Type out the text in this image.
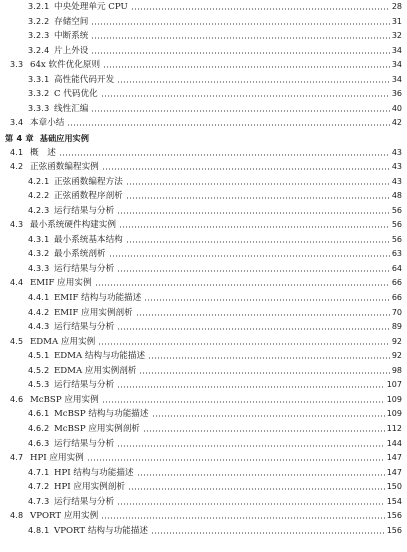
3.2.1 中央处理单元 CPU	28
3.2.2 存储空间	31
3.2.3 中断系统	32
3.2.4 片上外设	34
3.3 64x 软件优化原则	34
3.3.1 高性能代码开发	34
3.3.2 C 代码优化	36
3.3.3 线性汇编	40
3.4 本章小结	42
第 4 章 基础应用实例
4.1 概　述	43
4.2 正弦函数编程实例	43
4.2.1 正弦函数编程方法	43
4.2.2 正弦函数程序剖析	48
4.2.3 运行结果与分析	56
4.3 最小系统硬件构建实例	56
4.3.1 最小系统基本结构	56
4.3.2 最小系统剖析	63
4.3.3 运行结果与分析	64
4.4 EMIF 应用实例	66
4.4.1 EMIF 结构与功能描述	66
4.4.2 EMIF 应用实例剖析	70
4.4.3 运行结果与分析	89
4.5 EDMA 应用实例	92
4.5.1 EDMA 结构与功能描述	92
4.5.2 EDMA 应用实例剖析	98
4.5.3 运行结果与分析	107
4.6 McBSP 应用实例	109
4.6.1 McBSP 结构与功能描述	109
4.6.2 McBSP 应用实例剖析	112
4.6.3 运行结果与分析	144
4.7 HPI 应用实例	147
4.7.1 HPI 结构与功能描述	147
4.7.2 HPI 应用实例剖析	150
4.7.3 运行结果与分析	154
4.8 VPORT 应用实例	156
4.8.1 VPORT 结构与功能描述	156
